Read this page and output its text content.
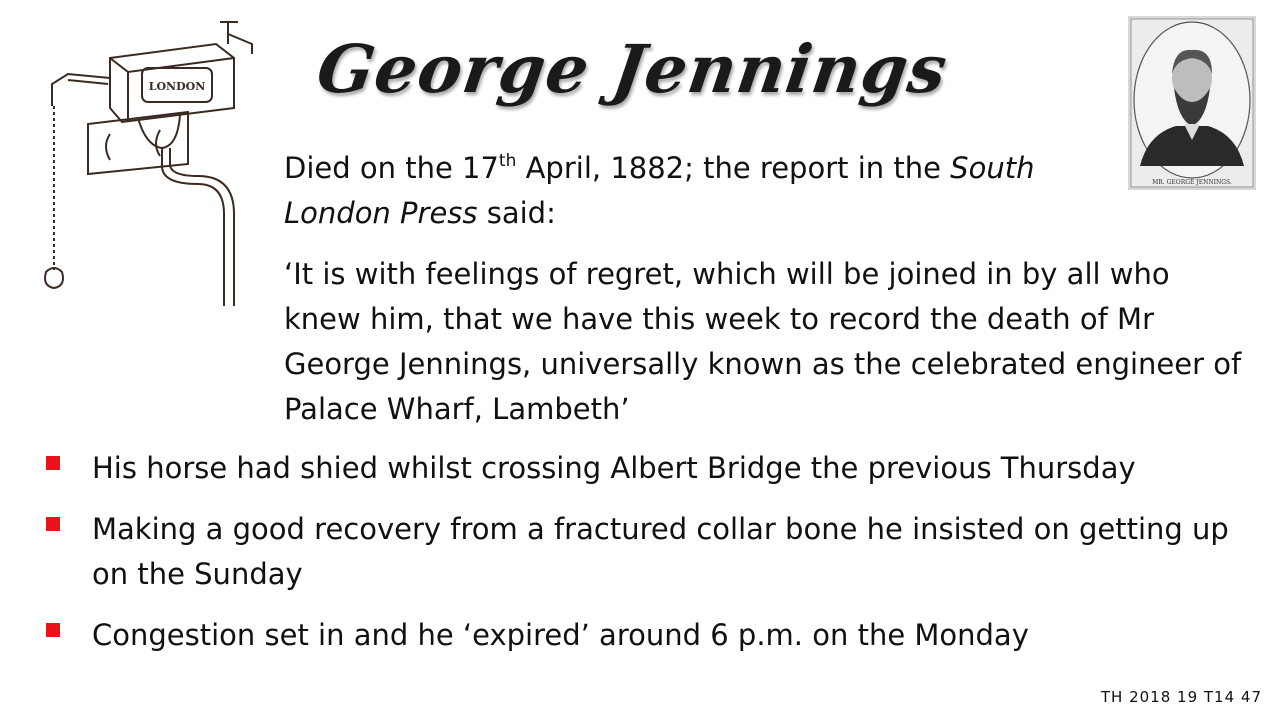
LONDON George Jennings
MR. GEORGE JENNINGS.

Died on the 17th April, 1882; the report in the South London Press said:

‘It is with feelings of regret, which will be joined in by all who knew him, that we have this week to record the death of Mr George Jennings, universally known as the celebrated engineer of Palace Wharf, Lambeth’

His horse had shied whilst crossing Albert Bridge the previous Thursday
Making a good recovery from a fractured collar bone he insisted on getting up on the Sunday
Congestion set in and he ‘expired’ around 6 p.m. on the Monday
TH 2018 19 T14 47
